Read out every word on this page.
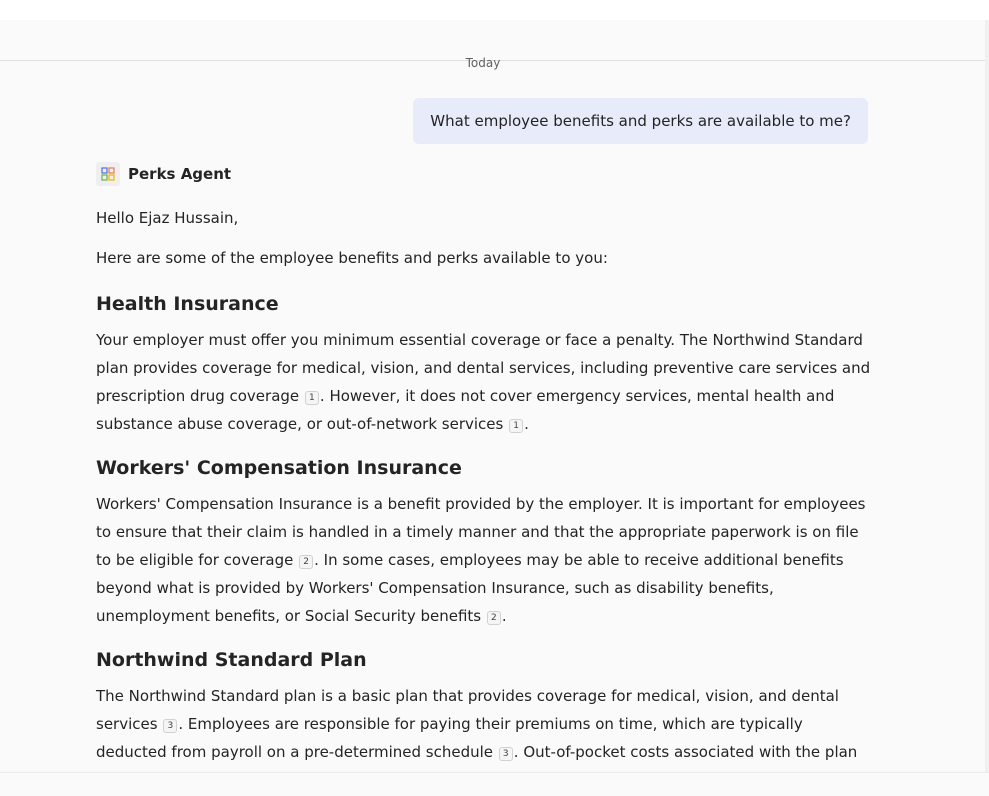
Today
What employee benefits and perks are available to me?
Perks Agent

Hello Ejaz Hussain,

Here are some of the employee benefits and perks available to you:

Health Insurance

Your employer must offer you minimum essential coverage or face a penalty. The Northwind Standard plan provides coverage for medical, vision, and dental services, including preventive care services and prescription drug coverage 1 . However, it does not cover emergency services, mental health and substance abuse coverage, or out-of-network services 1 .

Workers' Compensation Insurance

Workers' Compensation Insurance is a benefit provided by the employer. It is important for employees to ensure that their claim is handled in a timely manner and that the appropriate paperwork is on file to be eligible for coverage 2 . In some cases, employees may be able to receive additional benefits beyond what is provided by Workers' Compensation Insurance, such as disability benefits, unemployment benefits, or Social Security benefits 2 .

Northwind Standard Plan

The Northwind Standard plan is a basic plan that provides coverage for medical, vision, and dental services 3 . Employees are responsible for paying their premiums on time, which are typically deducted from payroll on a pre-determined schedule 3 . Out-of-pocket costs associated with the plan
